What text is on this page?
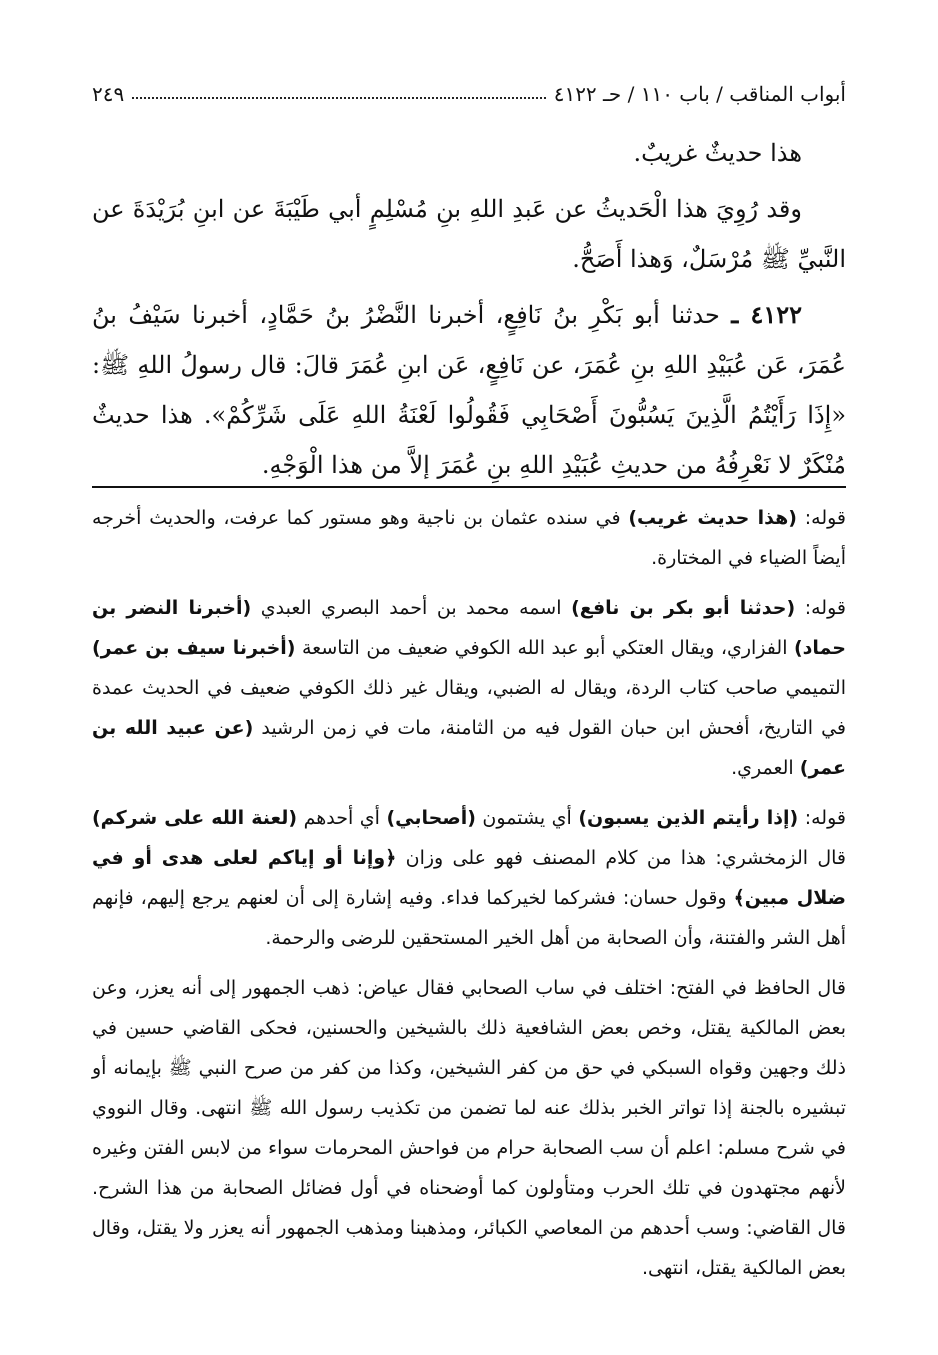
أبواب المناقب / باب ١١٠ / حـ ٤١٢٢
٢٤٩

هذا حديثٌ غريبٌ.

وقد رُوِيَ هذا الْحَديثُ عن عَبدِ اللهِ بنِ مُسْلِمٍ أبي طَيْبَةَ عن ابنِ بُرَيْدَةَ عن النَّبيِّ ﷺ مُرْسَلٌ، وَهذا أَصَحُّ.

٤١٢٢ ـ حدثنا أبو بَكْرِ بنُ نَافِعٍ، أخبرنا النَّضْرُ بنُ حَمَّادٍ، أخبرنا سَيْفُ بنُ عُمَرَ، عَن عُبَيْدِ اللهِ بنِ عُمَرَ، عن نَافِعٍ، عَن ابنِ عُمَرَ قالَ: قال رسولُ اللهِ ﷺ: «إِذَا رَأَيْتُمُ الَّذِينَ يَسُبُّونَ أَصْحَابِي فَقُولُوا لَعْنَةُ اللهِ عَلَى شَرِّكُمْ». هذا حديثٌ مُنْكَرٌ لا نَعْرِفُهُ من حديثِ عُبَيْدِ اللهِ بنِ عُمَرَ إلاَّ من هذا الْوَجْهِ.

قوله: (هذا حديث غريب) في سنده عثمان بن ناجية وهو مستور كما عرفت، والحديث أخرجه أيضاً الضياء في المختارة.

قوله: (حدثنا أبو بكر بن نافع) اسمه محمد بن أحمد البصري العبدي (أخبرنا النضر بن حماد) الفزاري، ويقال العتكي أبو عبد الله الكوفي ضعيف من التاسعة (أخبرنا سيف بن عمر) التميمي صاحب كتاب الردة، ويقال له الضبي، ويقال غير ذلك الكوفي ضعيف في الحديث عمدة في التاريخ، أفحش ابن حبان القول فيه من الثامنة، مات في زمن الرشيد (عن عبيد الله بن عمر) العمري.

قوله: (إذا رأيتم الذين يسبون) أي يشتمون (أصحابي) أي أحدهم (لعنة الله على شركم) قال الزمخشري: هذا من كلام المصنف فهو على وزان ﴿وإنا أو إياكم لعلى هدى أو في ضلال مبين﴾ وقول حسان: فشركما لخيركما فداء. وفيه إشارة إلى أن لعنهم يرجع إليهم، فإنهم أهل الشر والفتنة، وأن الصحابة من أهل الخير المستحقين للرضى والرحمة.

قال الحافظ في الفتح: اختلف في ساب الصحابي فقال عياض: ذهب الجمهور إلى أنه يعزر، وعن بعض المالكية يقتل، وخص بعض الشافعية ذلك بالشيخين والحسنين، فحكى القاضي حسين في ذلك وجهين وقواه السبكي في حق من كفر الشيخين، وكذا من كفر من صرح النبي ﷺ بإيمانه أو تبشيره بالجنة إذا تواتر الخبر بذلك عنه لما تضمن من تكذيب رسول الله ﷺ انتهى. وقال النووي في شرح مسلم: اعلم أن سب الصحابة حرام من فواحش المحرمات سواء من لابس الفتن وغيره لأنهم مجتهدون في تلك الحرب ومتأولون كما أوضحناه في أول فضائل الصحابة من هذا الشرح. قال القاضي: وسب أحدهم من المعاصي الكبائر، ومذهبنا ومذهب الجمهور أنه يعزر ولا يقتل، وقال بعض المالكية يقتل، انتهى.
